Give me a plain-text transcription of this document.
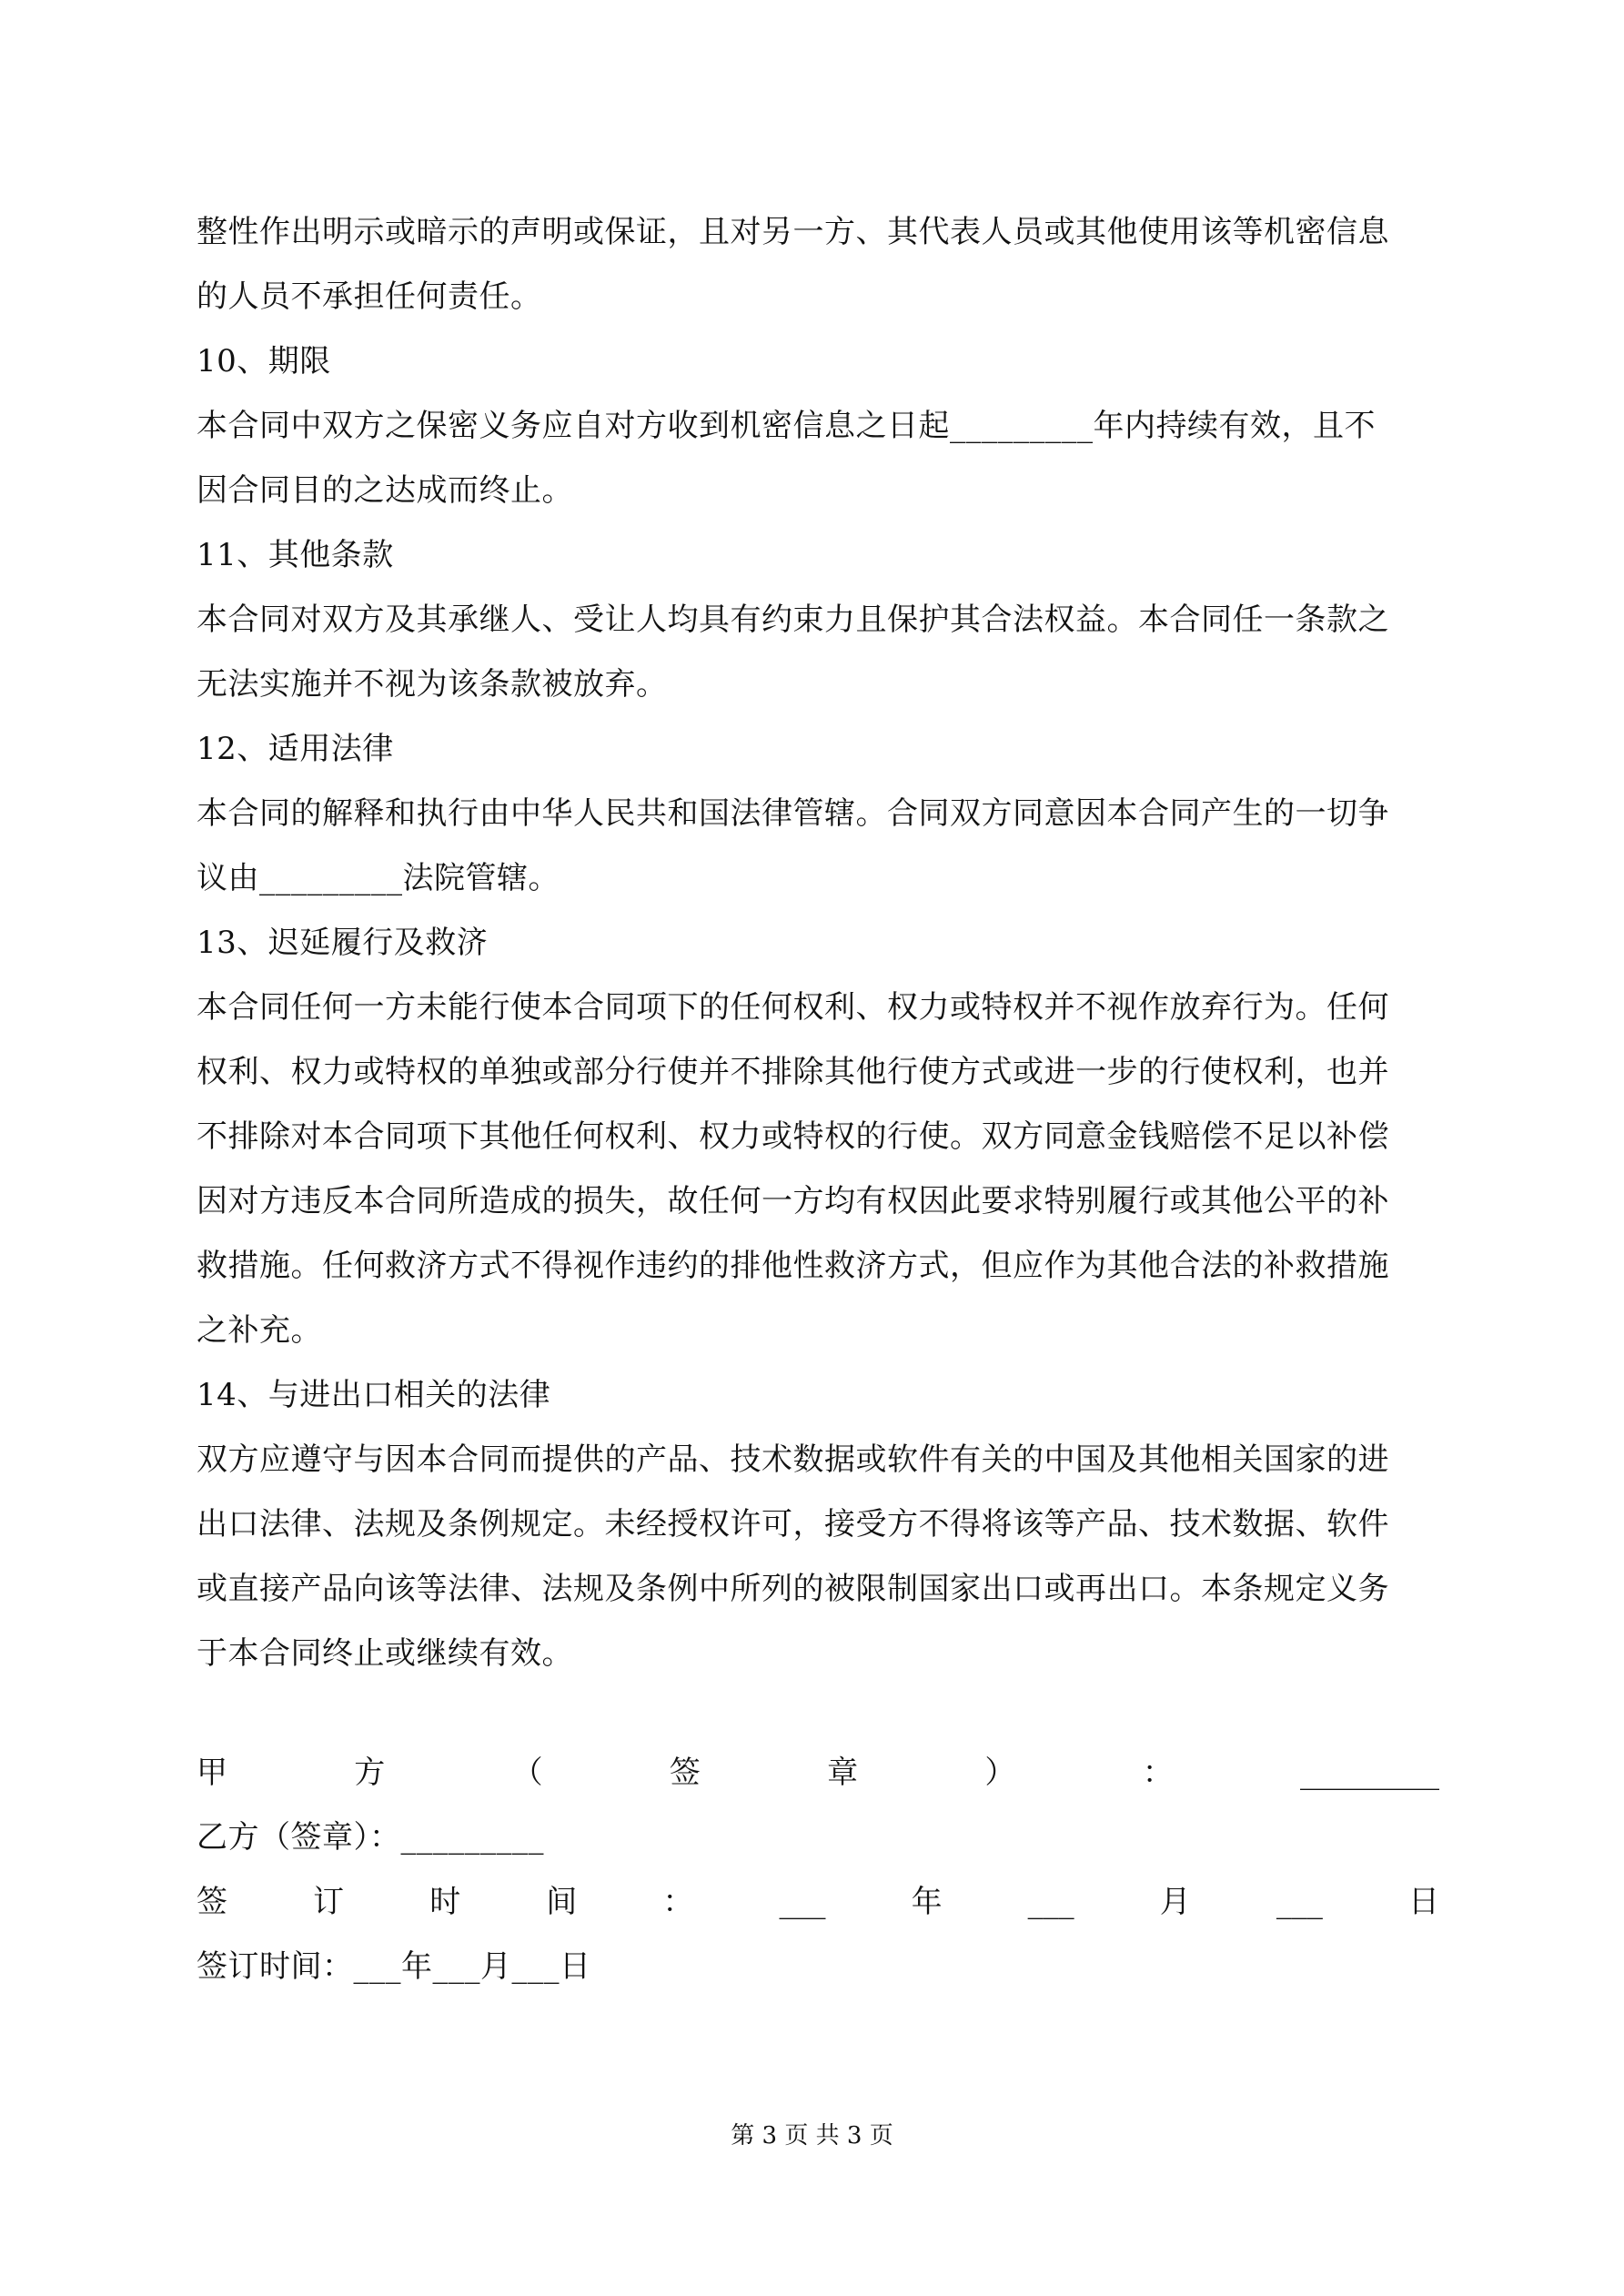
整性作出明示或暗示的声明或保证，且对另一方、其代表人员或其他使用该等机密信息
的人员不承担任何责任。
10、期限
本合同中双方之保密义务应自对方收到机密信息之日起_________年内持续有效，且不
因合同目的之达成而终止。
11、其他条款
本合同对双方及其承继人、受让人均具有约束力且保护其合法权益。本合同任一条款之
无法实施并不视为该条款被放弃。
12、适用法律
本合同的解释和执行由中华人民共和国法律管辖。合同双方同意因本合同产生的一切争
议由_________法院管辖。
13、迟延履行及救济
本合同任何一方未能行使本合同项下的任何权利、权力或特权并不视作放弃行为。任何
权利、权力或特权的单独或部分行使并不排除其他行使方式或进一步的行使权利，也并
不排除对本合同项下其他任何权利、权力或特权的行使。双方同意金钱赔偿不足以补偿
因对方违反本合同所造成的损失，故任何一方均有权因此要求特别履行或其他公平的补
救措施。任何救济方式不得视作违约的排他性救济方式，但应作为其他合法的补救措施
之补充。
14、与进出口相关的法律
双方应遵守与因本合同而提供的产品、技术数据或软件有关的中国及其他相关国家的进
出口法律、法规及条例规定。未经授权许可，接受方不得将该等产品、技术数据、软件
或直接产品向该等法律、法规及条例中所列的被限制国家出口或再出口。本条规定义务
于本合同终止或继续有效。
甲	方	（	签	章	）	：	_________
乙方（签章）：_________
签	订	时	间	：	___	年	___	月	___	日
签订时间：___年___月___日
第 3 页 共 3 页
